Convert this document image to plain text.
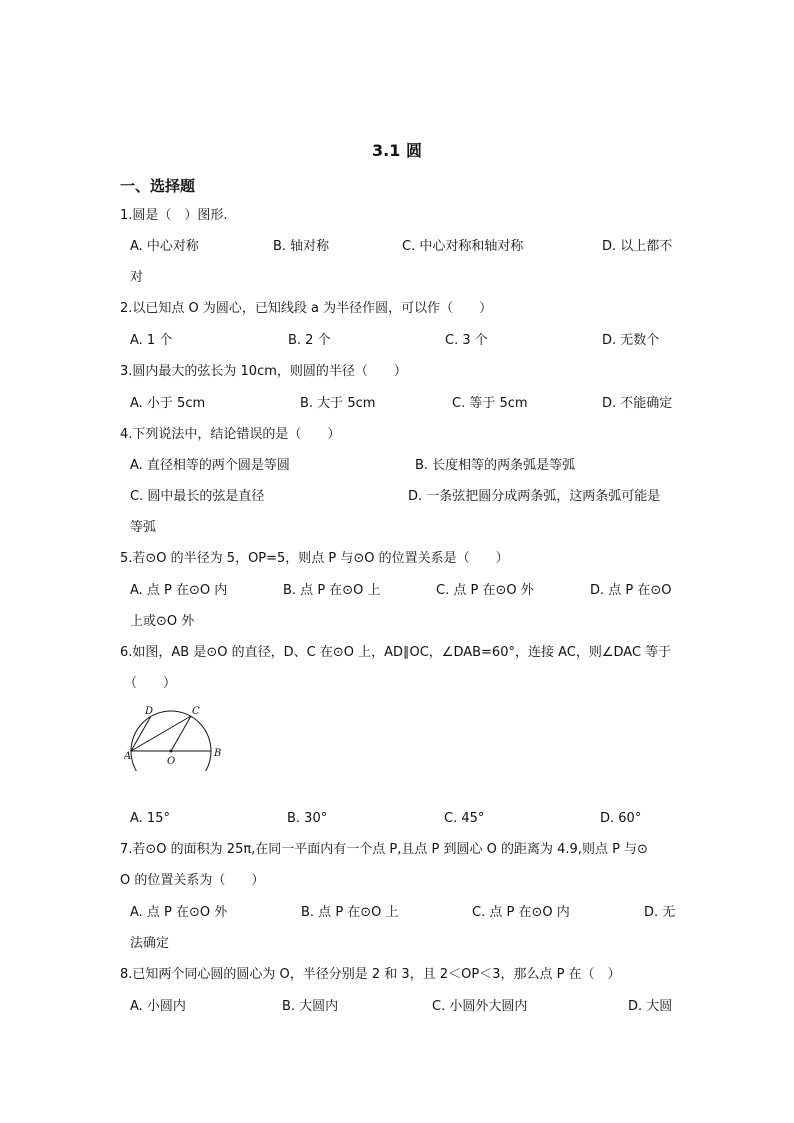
3.1 圆
一、选择题
1.圆是（　）图形.
A. 中心对称	B. 轴对称	C. 中心对称和轴对称	D. 以上都不
对
2.以已知点 O 为圆心，已知线段 a 为半径作圆，可以作（　　）
A. 1 个	B. 2 个	C. 3 个	D. 无数个
3.圆内最大的弦长为 10cm，则圆的半径（　　）
A. 小于 5cm	B. 大于 5cm	C. 等于 5cm	D. 不能确定
4.下列说法中，结论错误的是（　　）
A. 直径相等的两个圆是等圆	B. 长度相等的两条弧是等弧
C. 圆中最长的弦是直径	D. 一条弦把圆分成两条弧，这两条弧可能是
等弧
5.若⊙O 的半径为 5，OP=5，则点 P 与⊙O 的位置关系是（　　）
A. 点 P 在⊙O 内	B. 点 P 在⊙O 上	C. 点 P 在⊙O 外	D. 点 P 在⊙O
上或⊙O 外
6.如图，AB 是⊙O 的直径，D、C 在⊙O 上，AD∥OC，∠DAB=60°，连接 AC，则∠DAC 等于
（　　）
D	C
A	B
O
A. 15°	B. 30°	C. 45°	D. 60°
7.若⊙O 的面积为 25π,在同一平面内有一个点 P,且点 P 到圆心 O 的距离为 4.9,则点 P 与⊙
O 的位置关系为（　　）
A. 点 P 在⊙O 外	B. 点 P 在⊙O 上	C. 点 P 在⊙O 内	D. 无
法确定
8.已知两个同心圆的圆心为 O，半径分别是 2 和 3，且 2＜OP＜3，那么点 P 在（　）
A. 小圆内	B. 大圆内	C. 小圆外大圆内	D. 大圆
